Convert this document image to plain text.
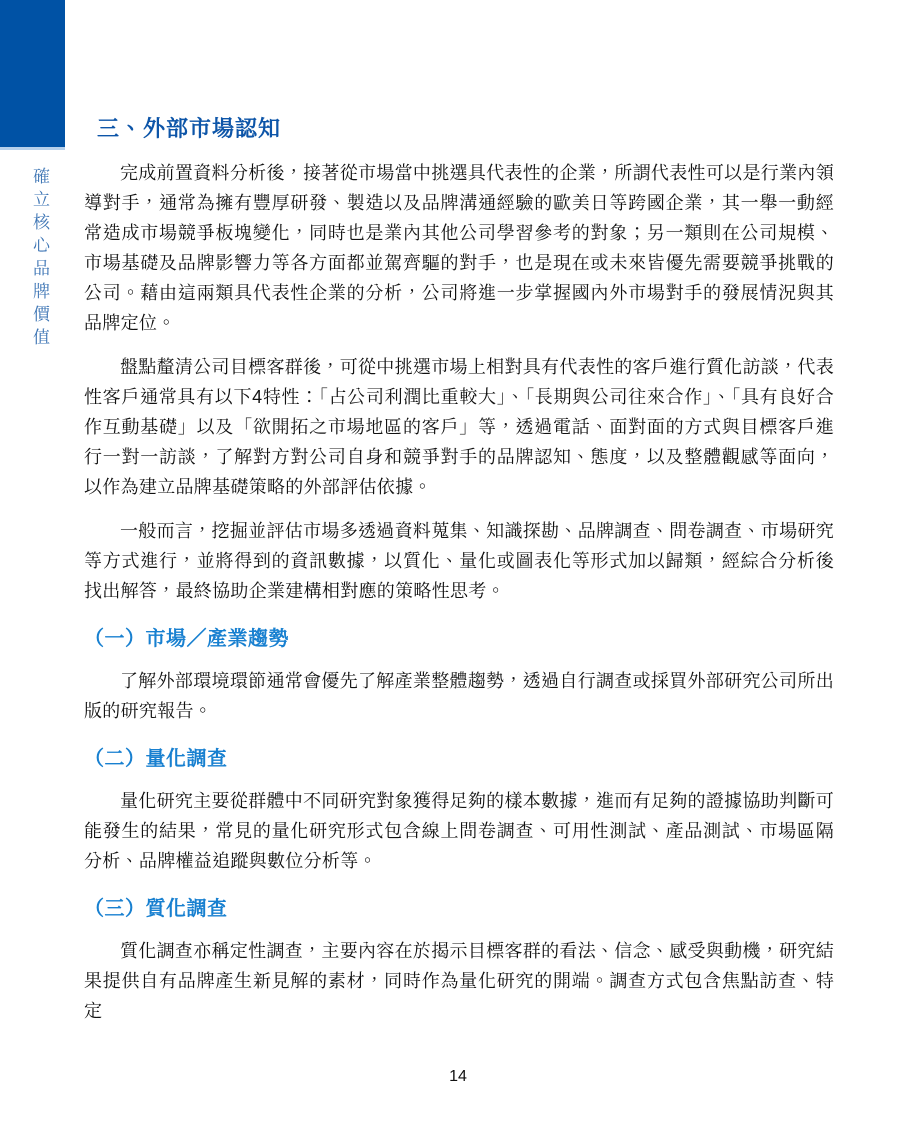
確立核心品牌價值
三、外部市場認知

完成前置資料分析後，接著從市場當中挑選具代表性的企業，所謂代表性可以是行業內領導對手，通常為擁有豐厚研發、製造以及品牌溝通經驗的歐美日等跨國企業，其一舉一動經常造成市場競爭板塊變化，同時也是業內其他公司學習參考的對象；另一類則在公司規模、市場基礎及品牌影響力等各方面都並駕齊驅的對手，也是現在或未來皆優先需要競爭挑戰的公司。藉由這兩類具代表性企業的分析，公司將進一步掌握國內外市場對手的發展情況與其品牌定位。

盤點釐清公司目標客群後，可從中挑選市場上相對具有代表性的客戶進行質化訪談，代表性客戶通常具有以下4特性：「占公司利潤比重較大」、「長期與公司往來合作」、「具有良好合作互動基礎」以及「欲開拓之市場地區的客戶」等，透過電話、面對面的方式與目標客戶進行一對一訪談，了解對方對公司自身和競爭對手的品牌認知、態度，以及整體觀感等面向，以作為建立品牌基礎策略的外部評估依據。

一般而言，挖掘並評估市場多透過資料蒐集、知識探勘、品牌調查、問卷調查、市場研究等方式進行，並將得到的資訊數據，以質化、量化或圖表化等形式加以歸類，經綜合分析後找出解答，最終協助企業建構相對應的策略性思考。

（一）市場／產業趨勢

了解外部環境環節通常會優先了解產業整體趨勢，透過自行調查或採買外部研究公司所出版的研究報告。

（二）量化調查

量化研究主要從群體中不同研究對象獲得足夠的樣本數據，進而有足夠的證據協助判斷可能發生的結果，常見的量化研究形式包含線上問卷調查、可用性測試、產品測試、市場區隔分析、品牌權益追蹤與數位分析等。

（三）質化調查

質化調查亦稱定性調查，主要內容在於揭示目標客群的看法、信念、感受與動機，研究結果提供自有品牌產生新見解的素材，同時作為量化研究的開端。調查方式包含焦點訪查、特定

14
